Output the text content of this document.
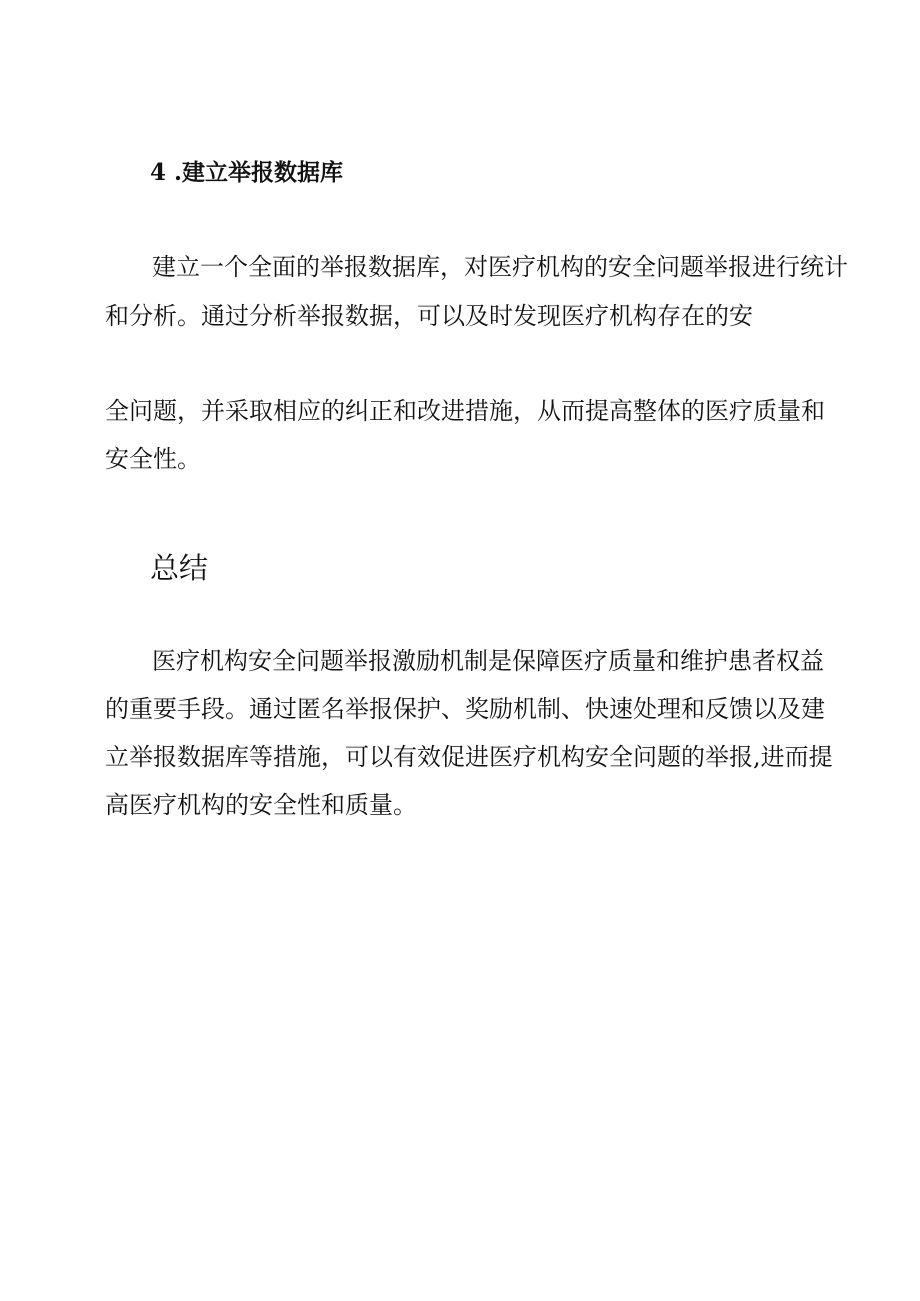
4 .建立举报数据库
建立一个全面的举报数据库，对医疗机构的安全问题举报进行统计
和分析。通过分析举报数据，可以及时发现医疗机构存在的安
全问题，并采取相应的纠正和改进措施，从而提高整体的医疗质量和
安全性。
总结
医疗机构安全问题举报激励机制是保障医疗质量和维护患者权益
的重要手段。通过匿名举报保护、奖励机制、快速处理和反馈以及建
立举报数据库等措施，可以有效促进医疗机构安全问题的举报,进而提
高医疗机构的安全性和质量。
